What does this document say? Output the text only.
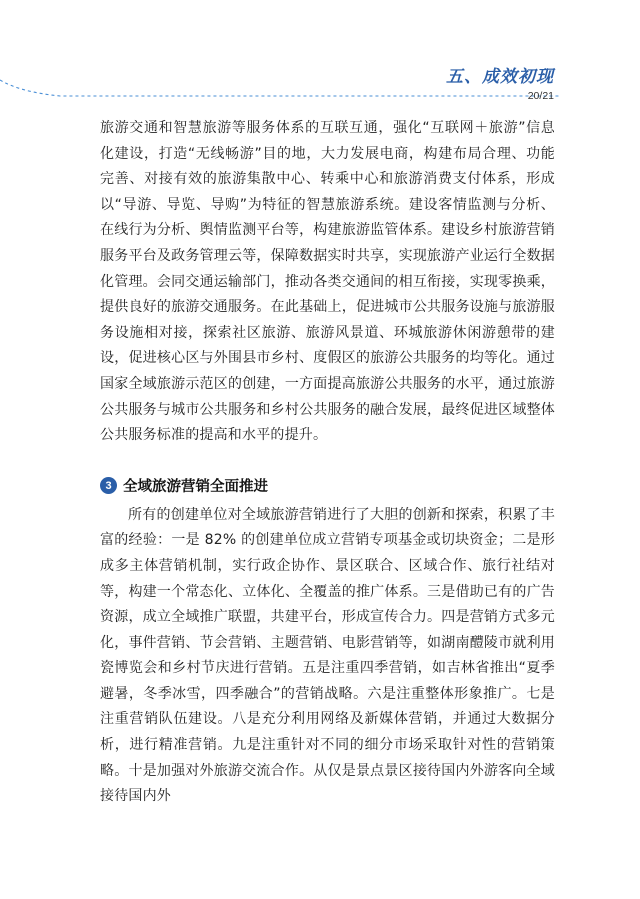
五、成效初现
20/21

旅游交通和智慧旅游等服务体系的互联互通，强化“互联网＋旅游”信息化建设，打造“无线畅游”目的地，大力发展电商，构建布局合理、功能完善、对接有效的旅游集散中心、转乘中心和旅游消费支付体系，形成以“导游、导览、导购”为特征的智慧旅游系统。建设客情监测与分析、在线行为分析、舆情监测平台等，构建旅游监管体系。建设乡村旅游营销服务平台及政务管理云等，保障数据实时共享，实现旅游产业运行全数据化管理。会同交通运输部门，推动各类交通间的相互衔接，实现零换乘，提供良好的旅游交通服务。在此基础上，促进城市公共服务设施与旅游服务设施相对接，探索社区旅游、旅游风景道、环城旅游休闲游憩带的建设，促进核心区与外围县市乡村、度假区的旅游公共服务的均等化。通过国家全域旅游示范区的创建，一方面提高旅游公共服务的水平，通过旅游公共服务与城市公共服务和乡村公共服务的融合发展，最终促进区域整体公共服务标准的提高和水平的提升。

3 全域旅游营销全面推进

所有的创建单位对全域旅游营销进行了大胆的创新和探索，积累了丰富的经验：一是 82% 的创建单位成立营销专项基金或切块资金；二是形成多主体营销机制，实行政企协作、景区联合、区域合作、旅行社结对等，构建一个常态化、立体化、全覆盖的推广体系。三是借助已有的广告资源，成立全域推广联盟，共建平台，形成宣传合力。四是营销方式多元化，事件营销、节会营销、主题营销、电影营销等，如湖南醴陵市就利用瓷博览会和乡村节庆进行营销。五是注重四季营销，如吉林省推出“夏季避暑，冬季冰雪，四季融合”的营销战略。六是注重整体形象推广。七是注重营销队伍建设。八是充分利用网络及新媒体营销，并通过大数据分析，进行精准营销。九是注重针对不同的细分市场采取针对性的营销策略。十是加强对外旅游交流合作。从仅是景点景区接待国内外游客向全域接待国内外
